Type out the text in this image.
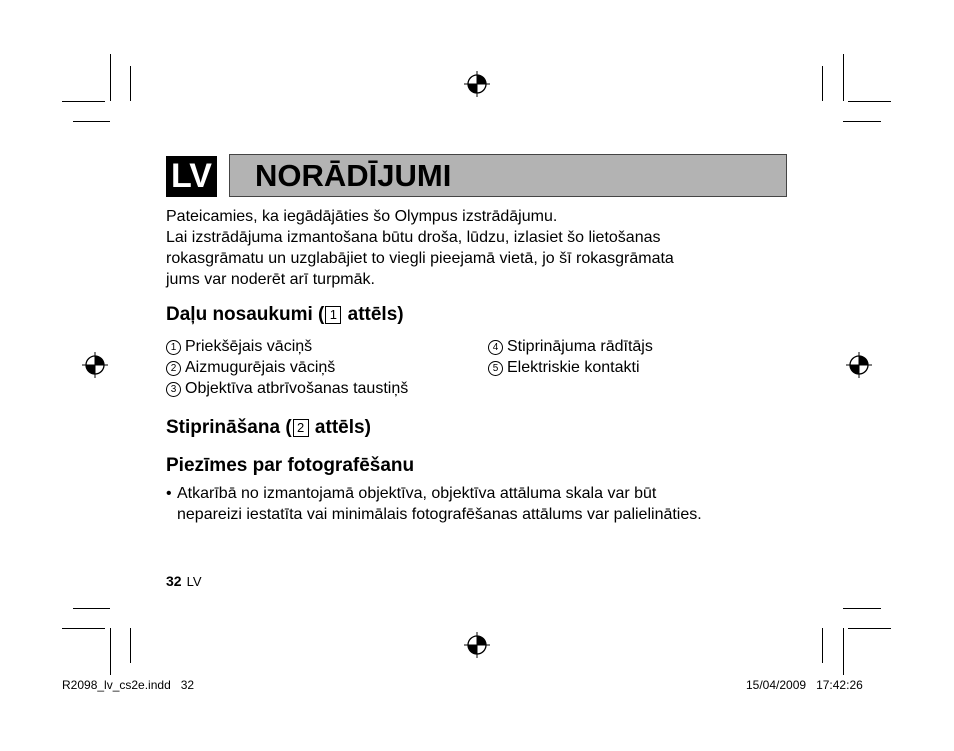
LV NORĀDĪJUMI

Pateicamies, ka iegādājāties šo Olympus izstrādājumu.

Lai izstrādājuma izmantošana būtu droša, lūdzu, izlasiet šo lietošanas

rokasgrāmatu un uzglabājiet to viegli pieejamā vietā, jo šī rokasgrāmata

jums var noderēt arī turpmāk.

Daļu nosaukumi ( 1 attēls)
1 Priekšējais vāciņš
2 Aizmugurējais vāciņš
3 Objektīva atbrīvošanas taustiņš
4 Stiprinājuma rādītājs
5 Elektriskie kontakti
Stiprināšana ( 2 attēls)
Piezīmes par fotografēšanu
• Atkarībā no izmantojamā objektīva, objektīva attāluma skala var būt
nepareizi iestatīta vai minimālais fotografēšanas attālums var palielināties.
32 LV
R2098_lv_cs2e.indd   32	15/04/2009 17:42:26
